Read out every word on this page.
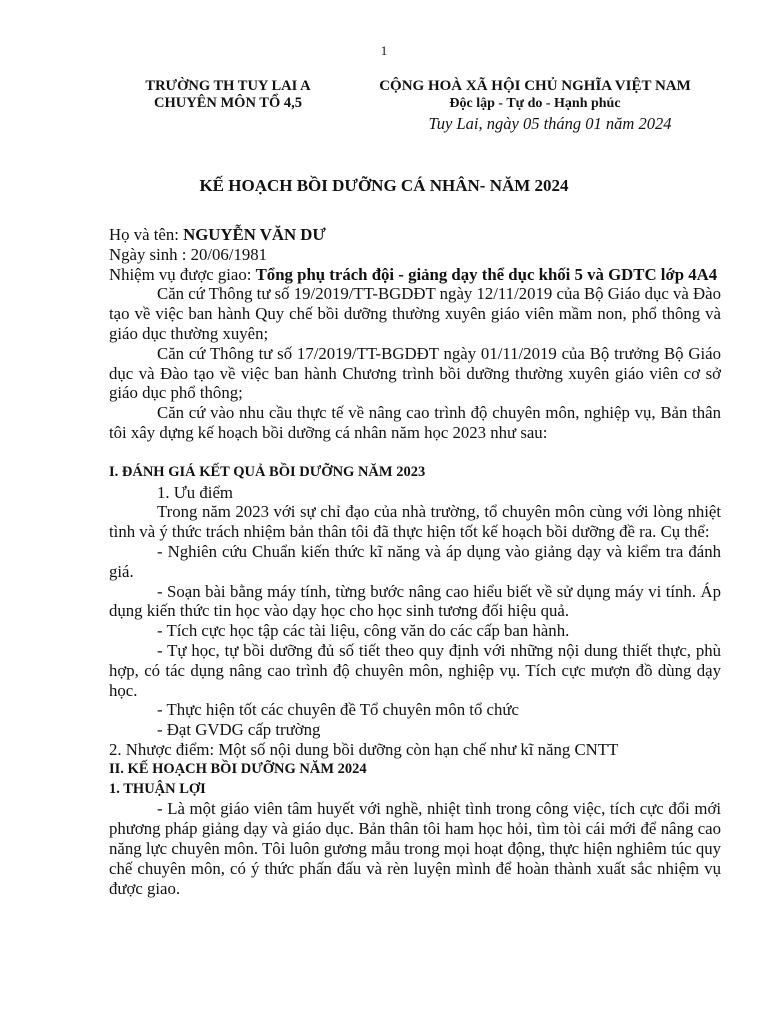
1
TRƯỜNG TH TUY LAI A
CHUYÊN MÔN TỔ 4,5
CỘNG HOÀ XÃ HỘI CHỦ NGHĨA VIỆT NAM
Độc lập - Tự do - Hạnh phúc
Tuy Lai, ngày 05 tháng 01 năm 2024
KẾ HOẠCH BỒI DƯỠNG CÁ NHÂN- NĂM 2024

Họ và tên: NGUYỄN VĂN DƯ

Ngày sinh : 20/06/1981

Nhiệm vụ được giao: Tổng phụ trách đội - giảng dạy thể dục khối 5 và GDTC lớp 4A4

Căn cứ Thông tư số 19/2019/TT-BGDĐT ngày 12/11/2019 của Bộ Giáo dục và Đào tạo về việc ban hành Quy chế bồi dưỡng thường xuyên giáo viên mầm non, phổ thông và giáo dục thường xuyên;

Căn cứ Thông tư số 17/2019/TT-BGDĐT ngày 01/11/2019 của Bộ trưởng Bộ Giáo dục và Đào tạo về việc ban hành Chương trình bồi dưỡng thường xuyên giáo viên cơ sở giáo dục phổ thông;

Căn cứ vào nhu cầu thực tế về nâng cao trình độ chuyên môn, nghiệp vụ, Bản thân tôi xây dựng kế hoạch bồi dưỡng cá nhân năm học 2023 như sau:

I. ĐÁNH GIÁ KẾT QUẢ BỒI DƯỠNG NĂM 2023

1. Ưu điểm

Trong năm 2023 với sự chỉ đạo của nhà trường, tổ chuyên môn cùng với lòng nhiệt tình và ý thức trách nhiệm bản thân tôi đã thực hiện tốt kế hoạch bồi dưỡng đề ra. Cụ thể:

- Nghiên cứu Chuẩn kiến thức kĩ năng và áp dụng vào giảng dạy và kiểm tra đánh giá.

- Soạn bài bằng máy tính, từng bước nâng cao hiểu biết về sử dụng máy vi tính. Áp dụng kiến thức tin học vào dạy học cho học sinh tương đối hiệu quả.

- Tích cực học tập các tài liệu, công văn do các cấp ban hành.

- Tự học, tự bồi dưỡng đủ số tiết theo quy định với những nội dung thiết thực, phù hợp, có tác dụng nâng cao trình độ chuyên môn, nghiệp vụ. Tích cực mượn đồ dùng dạy học.

- Thực hiện tốt các chuyên đề Tổ chuyên môn tổ chức

- Đạt GVDG cấp trường

2. Nhược điểm: Một số nội dung bồi dưỡng còn hạn chế như kĩ năng CNTT

II. KẾ HOẠCH BỒI DƯỠNG NĂM 2024

1. THUẬN LỢI

- Là một giáo viên tâm huyết với nghề, nhiệt tình trong công việc, tích cực đổi mới phương pháp giảng dạy và giáo dục. Bản thân tôi ham học hỏi, tìm tòi cái mới để nâng cao năng lực chuyên môn. Tôi luôn gương mẫu trong mọi hoạt động, thực hiện nghiêm túc quy chế chuyên môn, có ý thức phấn đấu và rèn luyện mình để hoàn thành xuất sắc nhiệm vụ được giao.
